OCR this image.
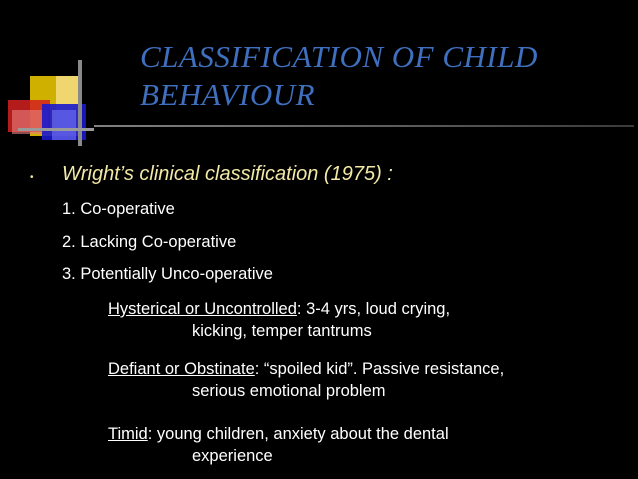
CLASSIFICATION OF CHILD
BEHAVIOUR
• Wright’s clinical classification (1975) :
1. Co-operative
2. Lacking Co-operative
3. Potentially Unco-operative
Hysterical or Uncontrolled: 3-4 yrs, loud crying,
kicking, temper tantrums
Defiant or Obstinate: “spoiled kid”. Passive resistance,
serious emotional problem
Timid: young children, anxiety about the dental
experience
